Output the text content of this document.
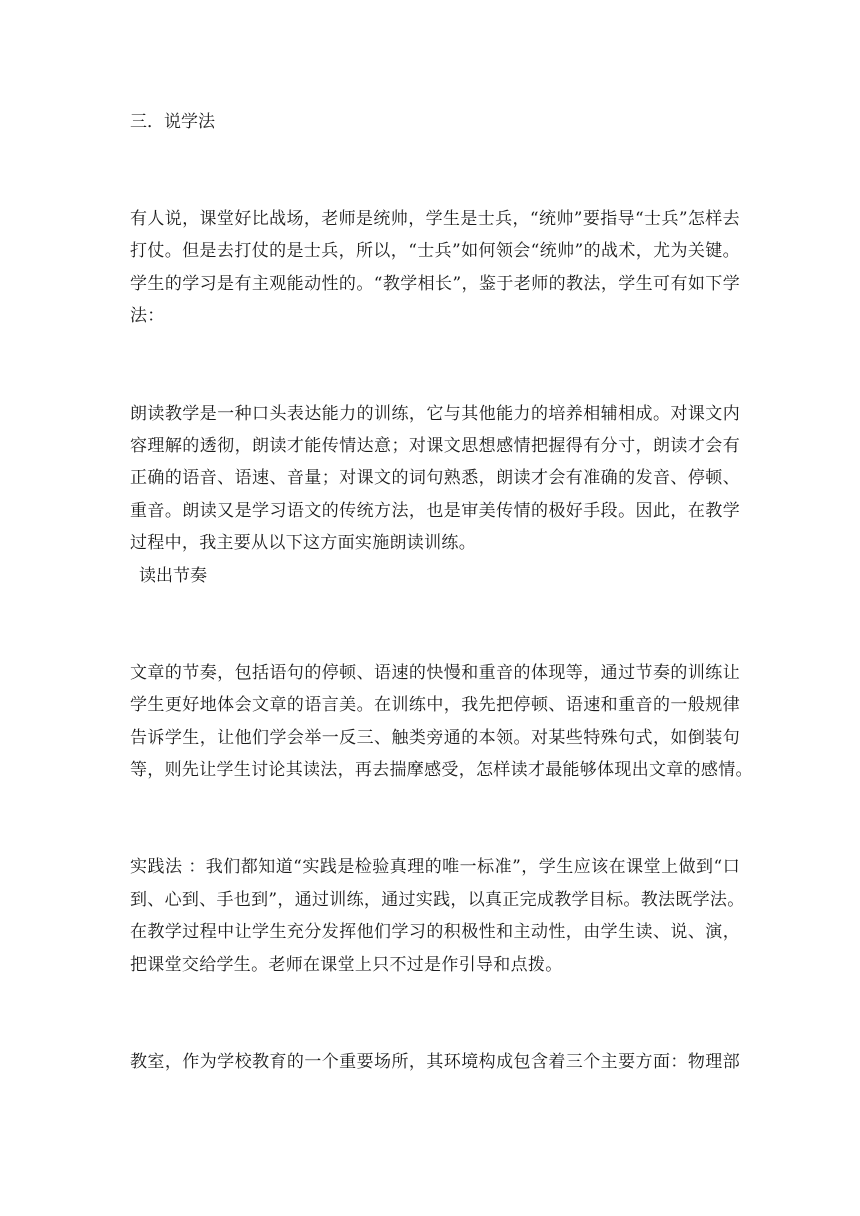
三．说学法
有人说，课堂好比战场，老师是统帅，学生是士兵，“统帅”要指导“士兵”怎样去
打仗。但是去打仗的是士兵，所以，“士兵”如何领会“统帅”的战术，尤为关键。
学生的学习是有主观能动性的。“教学相长”，鉴于老师的教法，学生可有如下学
法：
朗读教学是一种口头表达能力的训练，它与其他能力的培养相辅相成。对课文内
容理解的透彻，朗读才能传情达意；对课文思想感情把握得有分寸，朗读才会有
正确的语音、语速、音量；对课文的词句熟悉，朗读才会有准确的发音、停顿、
重音。朗读又是学习语文的传统方法，也是审美传情的极好手段。因此，在教学
过程中，我主要从以下这方面实施朗读训练。
读出节奏
文章的节奏，包括语句的停顿、语速的快慢和重音的体现等，通过节奏的训练让
学生更好地体会文章的语言美。在训练中，我先把停顿、语速和重音的一般规律
告诉学生，让他们学会举一反三、触类旁通的本领。对某些特殊句式，如倒装句
等，则先让学生讨论其读法，再去揣摩感受，怎样读才最能够体现出文章的感情。
实践法 ：我们都知道“实践是检验真理的唯一标准”，学生应该在课堂上做到“口
到、心到、手也到”，通过训练，通过实践，以真正完成教学目标。教法既学法。
在教学过程中让学生充分发挥他们学习的积极性和主动性，由学生读、说、演，
把课堂交给学生。老师在课堂上只不过是作引导和点拨。
教室，作为学校教育的一个重要场所，其环境构成包含着三个主要方面：物理部
